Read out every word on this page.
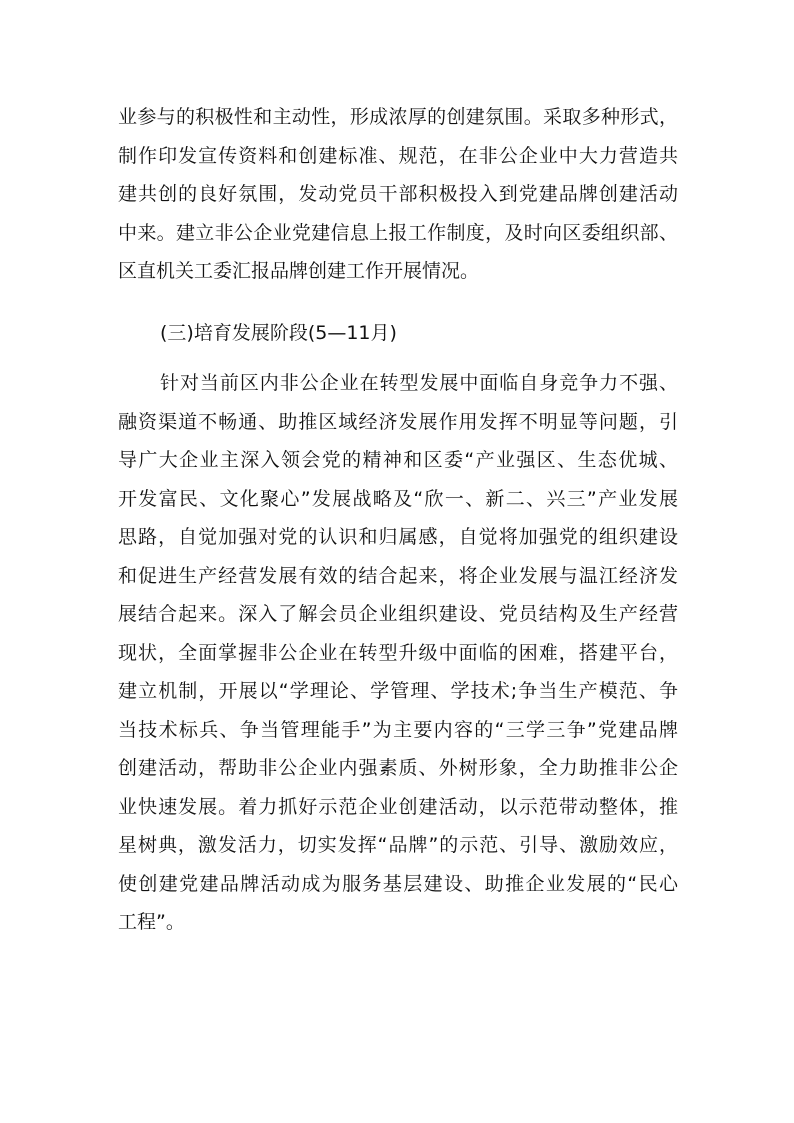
业参与的积极性和主动性，形成浓厚的创建氛围。采取多种形式，
制作印发宣传资料和创建标准、规范，在非公企业中大力营造共
建共创的良好氛围，发动党员干部积极投入到党建品牌创建活动
中来。建立非公企业党建信息上报工作制度，及时向区委组织部、
区直机关工委汇报品牌创建工作开展情况。
(三)培育发展阶段(5—11月)
针对当前区内非公企业在转型发展中面临自身竞争力不强、
融资渠道不畅通、助推区域经济发展作用发挥不明显等问题，引
导广大企业主深入领会党的精神和区委“产业强区、生态优城、
开发富民、文化聚心”发展战略及“欣一、新二、兴三”产业发展
思路，自觉加强对党的认识和归属感，自觉将加强党的组织建设
和促进生产经营发展有效的结合起来，将企业发展与温江经济发
展结合起来。深入了解会员企业组织建设、党员结构及生产经营
现状，全面掌握非公企业在转型升级中面临的困难，搭建平台，
建立机制，开展以“学理论、学管理、学技术;争当生产模范、争
当技术标兵、争当管理能手”为主要内容的“三学三争”党建品牌
创建活动，帮助非公企业内强素质、外树形象，全力助推非公企
业快速发展。着力抓好示范企业创建活动，以示范带动整体，推
星树典，激发活力，切实发挥“品牌”的示范、引导、激励效应，
使创建党建品牌活动成为服务基层建设、助推企业发展的“民心
工程”。
